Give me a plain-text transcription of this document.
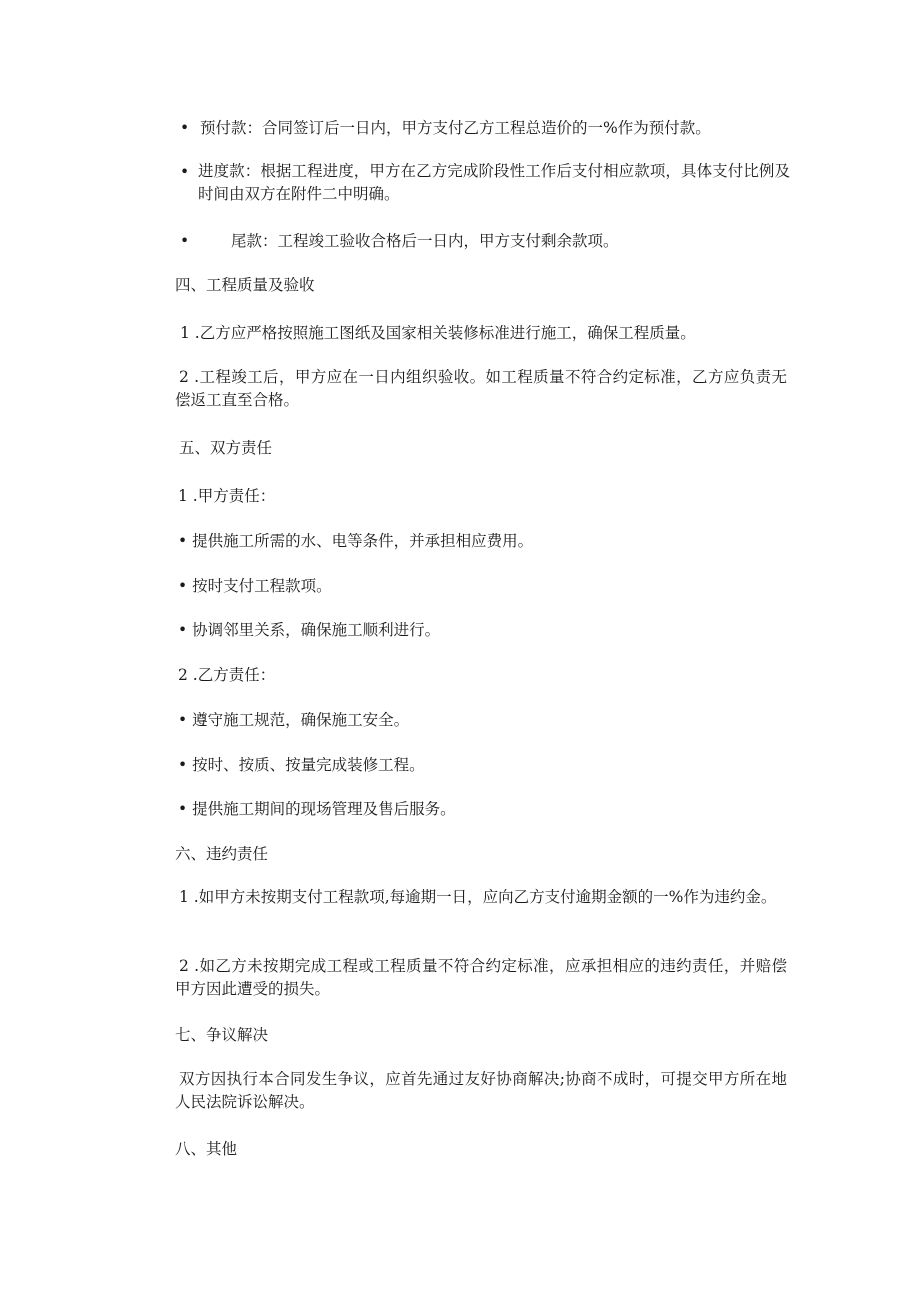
• 预付款：合同签订后一日内，甲方支付乙方工程总造价的一%作为预付款。
• 进度款：根据工程进度，甲方在乙方完成阶段性工作后支付相应款项，具体支付比例及时间由双方在附件二中明确。
•	尾款：工程竣工验收合格后一日内，甲方支付剩余款项。
四、工程质量及验收
1 .乙方应严格按照施工图纸及国家相关装修标准进行施工，确保工程质量。
2 .工程竣工后，甲方应在一日内组织验收。如工程质量不符合约定标准，乙方应负责无偿返工直至合格。
五、双方责任
1 .甲方责任：
• 提供施工所需的水、电等条件，并承担相应费用。
• 按时支付工程款项。
• 协调邻里关系，确保施工顺利进行。
2 .乙方责任：
• 遵守施工规范，确保施工安全。
• 按时、按质、按量完成装修工程。
• 提供施工期间的现场管理及售后服务。
六、违约责任
1 .如甲方未按期支付工程款项,每逾期一日，应向乙方支付逾期金额的一%作为违约金。
2 .如乙方未按期完成工程或工程质量不符合约定标准，应承担相应的违约责任，并赔偿甲方因此遭受的损失。
七、争议解决
双方因执行本合同发生争议，应首先通过友好协商解决;协商不成时，可提交甲方所在地人民法院诉讼解决。
八、其他
